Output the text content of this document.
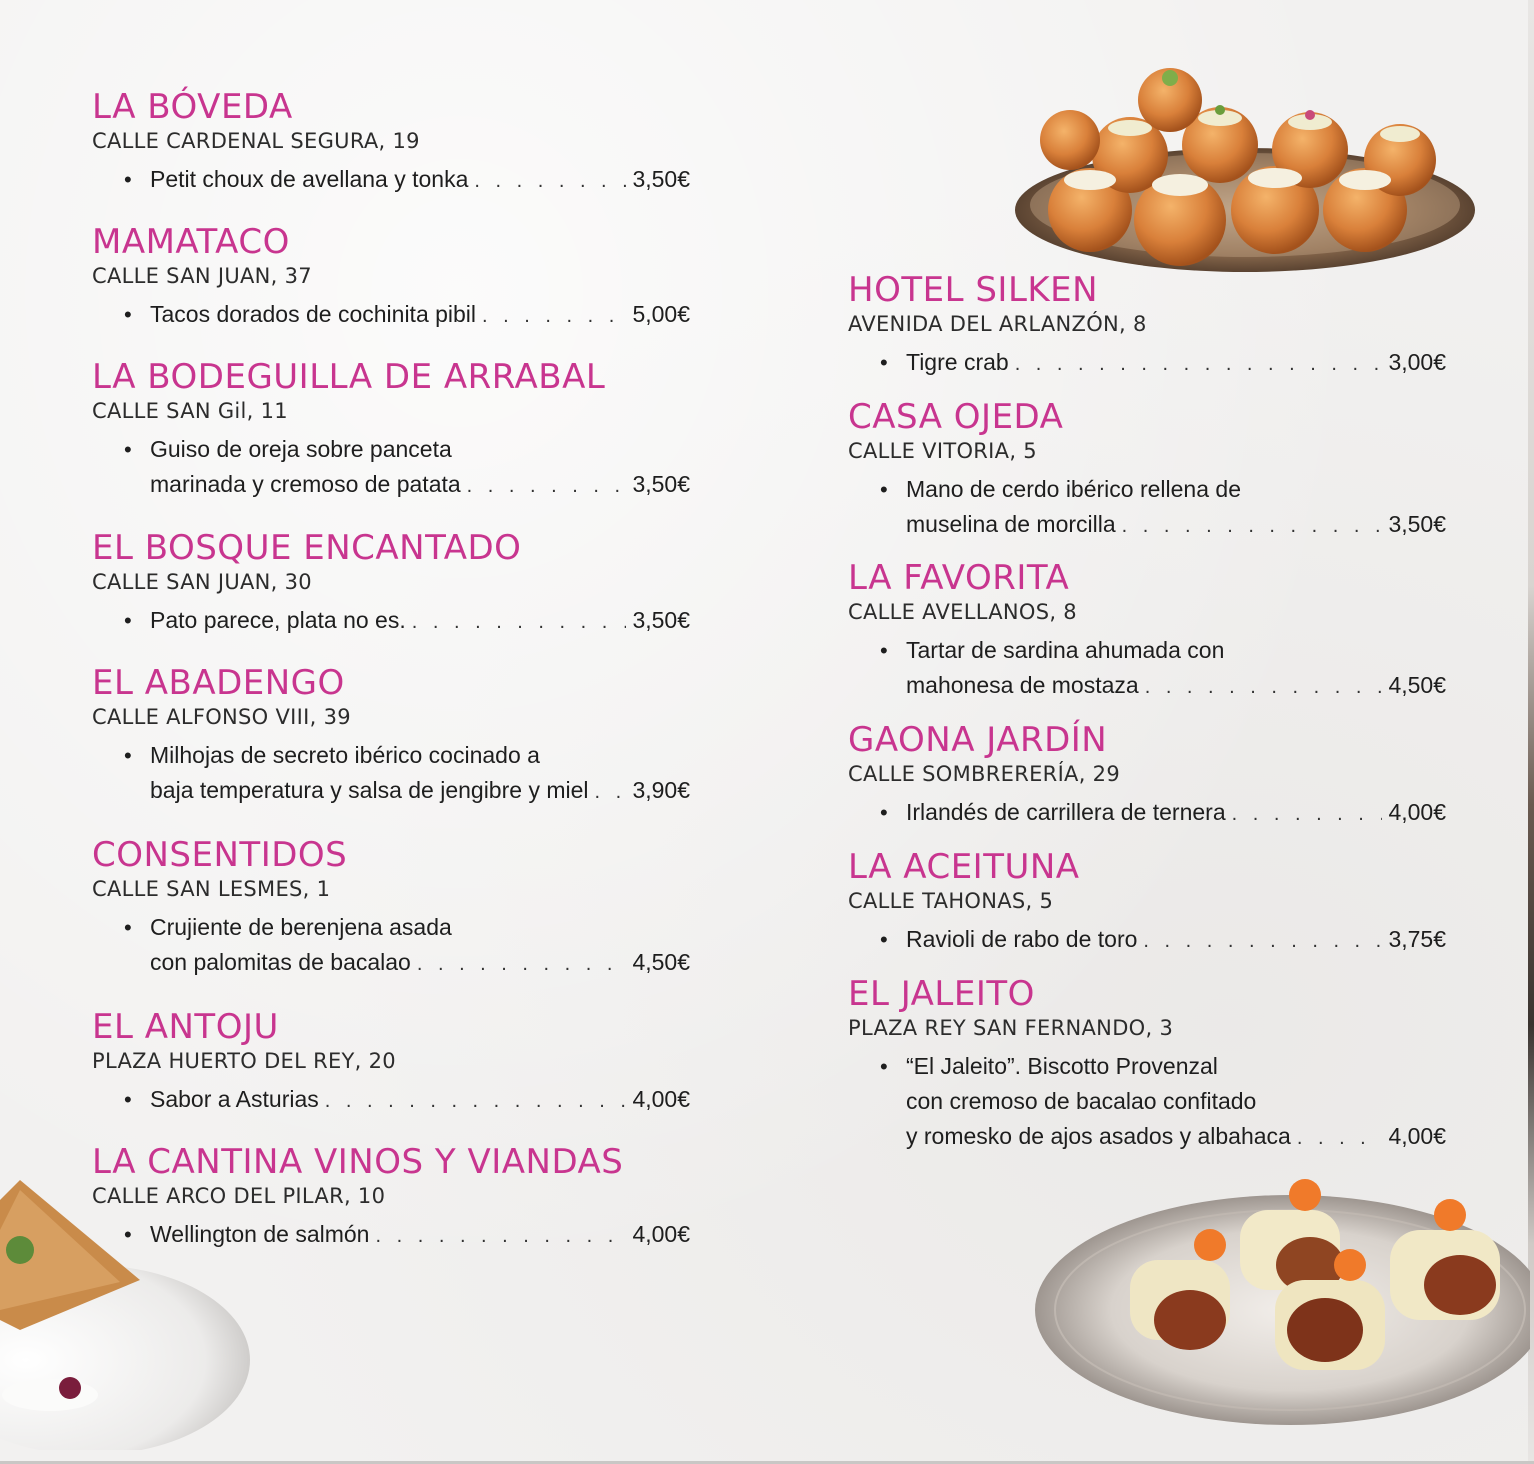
LA BÓVEDA
CALLE CARDENAL SEGURA, 19
• Petit choux de avellana y tonka . . .	3,50€
MAMATACO
CALLE SAN JUAN, 37
• Tacos dorados de cochinita pibil . . .	5,00€
LA BODEGUILLA DE ARRABAL
CALLE SAN Gil, 11
• Guiso de oreja sobre panceta
marinada y cremoso de patata . . .	3,50€
EL BOSQUE ENCANTADO
CALLE SAN JUAN, 30
• Pato parece, plata no es. . . .	3,50€
EL ABADENGO
CALLE ALFONSO VIII, 39
• Milhojas de secreto ibérico cocinado a
baja temperatura y salsa de jengibre y miel . . . 3,90€
CONSENTIDOS
CALLE SAN LESMES, 1
• Crujiente de berenjena asada
con palomitas de bacalao . . .	4,50€
EL ANTOJU
PLAZA HUERTO DEL REY, 20
• Sabor a Asturias . . .	4,00€
LA CANTINA VINOS Y VIANDAS
CALLE ARCO DEL PILAR, 10
• Wellington de salmón . . .	4,00€
HOTEL SILKEN
AVENIDA DEL ARLANZÓN, 8
• Tigre crab . . .	3,00€
CASA OJEDA
CALLE VITORIA, 5
• Mano de cerdo ibérico rellena de
muselina de morcilla . . .	3,50€
LA FAVORITA
CALLE AVELLANOS, 8
• Tartar de sardina ahumada con
mahonesa de mostaza . . .	4,50€
GAONA JARDÍN
CALLE SOMBRERERÍA, 29
• Irlandés de carrillera de ternera . . .	4,00€
LA ACEITUNA
CALLE TAHONAS, 5
• Ravioli de rabo de toro . . .	3,75€
EL JALEITO
PLAZA REY SAN FERNANDO, 3
• “El Jaleito”. Biscotto Provenzal
con cremoso de bacalao confitado
y romesko de ajos asados y albahaca . . .	4,00€
